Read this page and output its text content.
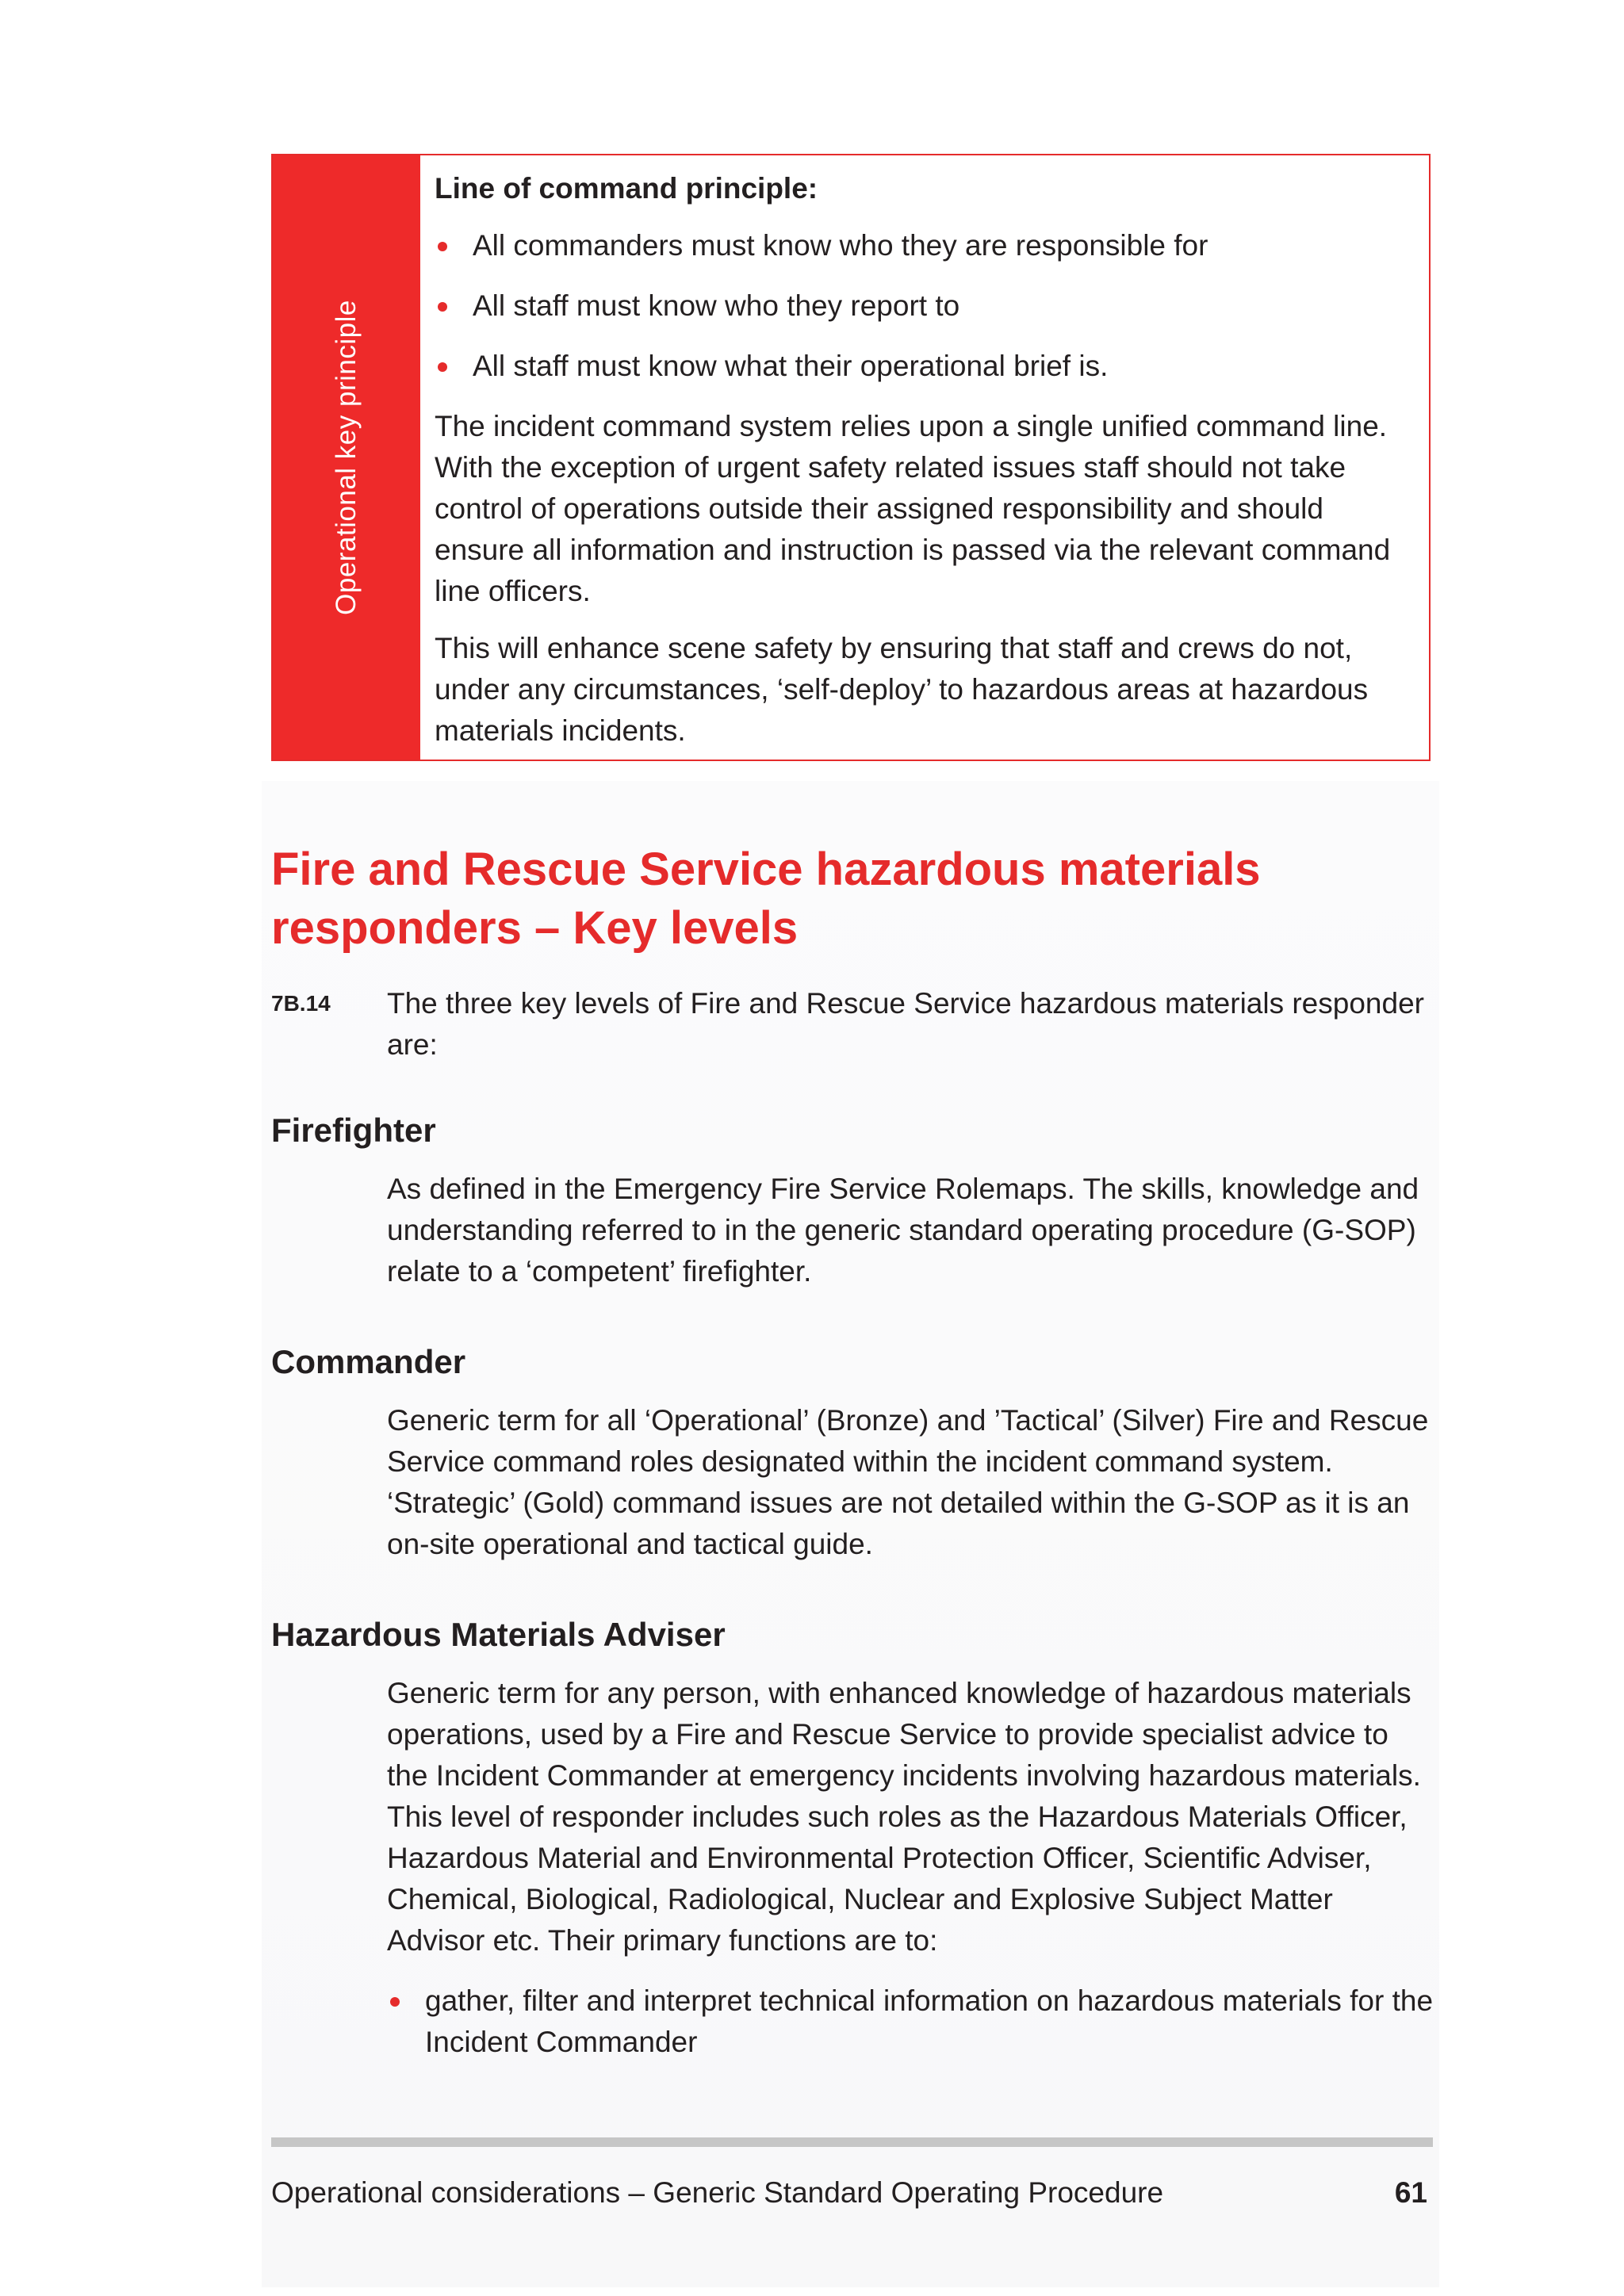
Operational key principle

Line of command principle:

All commanders must know who they are responsible for
All staff must know who they report to
All staff must know what their operational brief is.

The incident command system relies upon a single unified command line. With the exception of urgent safety related issues staff should not take control of operations outside their assigned responsibility and should ensure all information and instruction is passed via the relevant command line officers.

This will enhance scene safety by ensuring that staff and crews do not, under any circumstances, ‘self-deploy’ to hazardous areas at hazardous materials incidents.

Fire and Rescue Service hazardous materials responders – Key levels
7B.14 The three key levels of Fire and Rescue Service hazardous materials responder are:

Firefighter

As defined in the Emergency Fire Service Rolemaps. The skills, knowledge and understanding referred to in the generic standard operating procedure (G-SOP) relate to a ‘competent’ firefighter.

Commander

Generic term for all ‘Operational’ (Bronze) and ’Tactical’ (Silver) Fire and Rescue Service command roles designated within the incident command system. ‘Strategic’ (Gold) command issues are not detailed within the G-SOP as it is an on-site operational and tactical guide.

Hazardous Materials Adviser

Generic term for any person, with enhanced knowledge of hazardous materials operations, used by a Fire and Rescue Service to provide specialist advice to the Incident Commander at emergency incidents involving hazardous materials. This level of responder includes such roles as the Hazardous Materials Officer, Hazardous Material and Environmental Protection Officer, Scientific Adviser, Chemical, Biological, Radiological, Nuclear and Explosive Subject Matter Advisor etc. Their primary functions are to:

gather, filter and interpret technical information on hazardous materials for the Incident Commander
Operational considerations – Generic Standard Operating Procedure	61
